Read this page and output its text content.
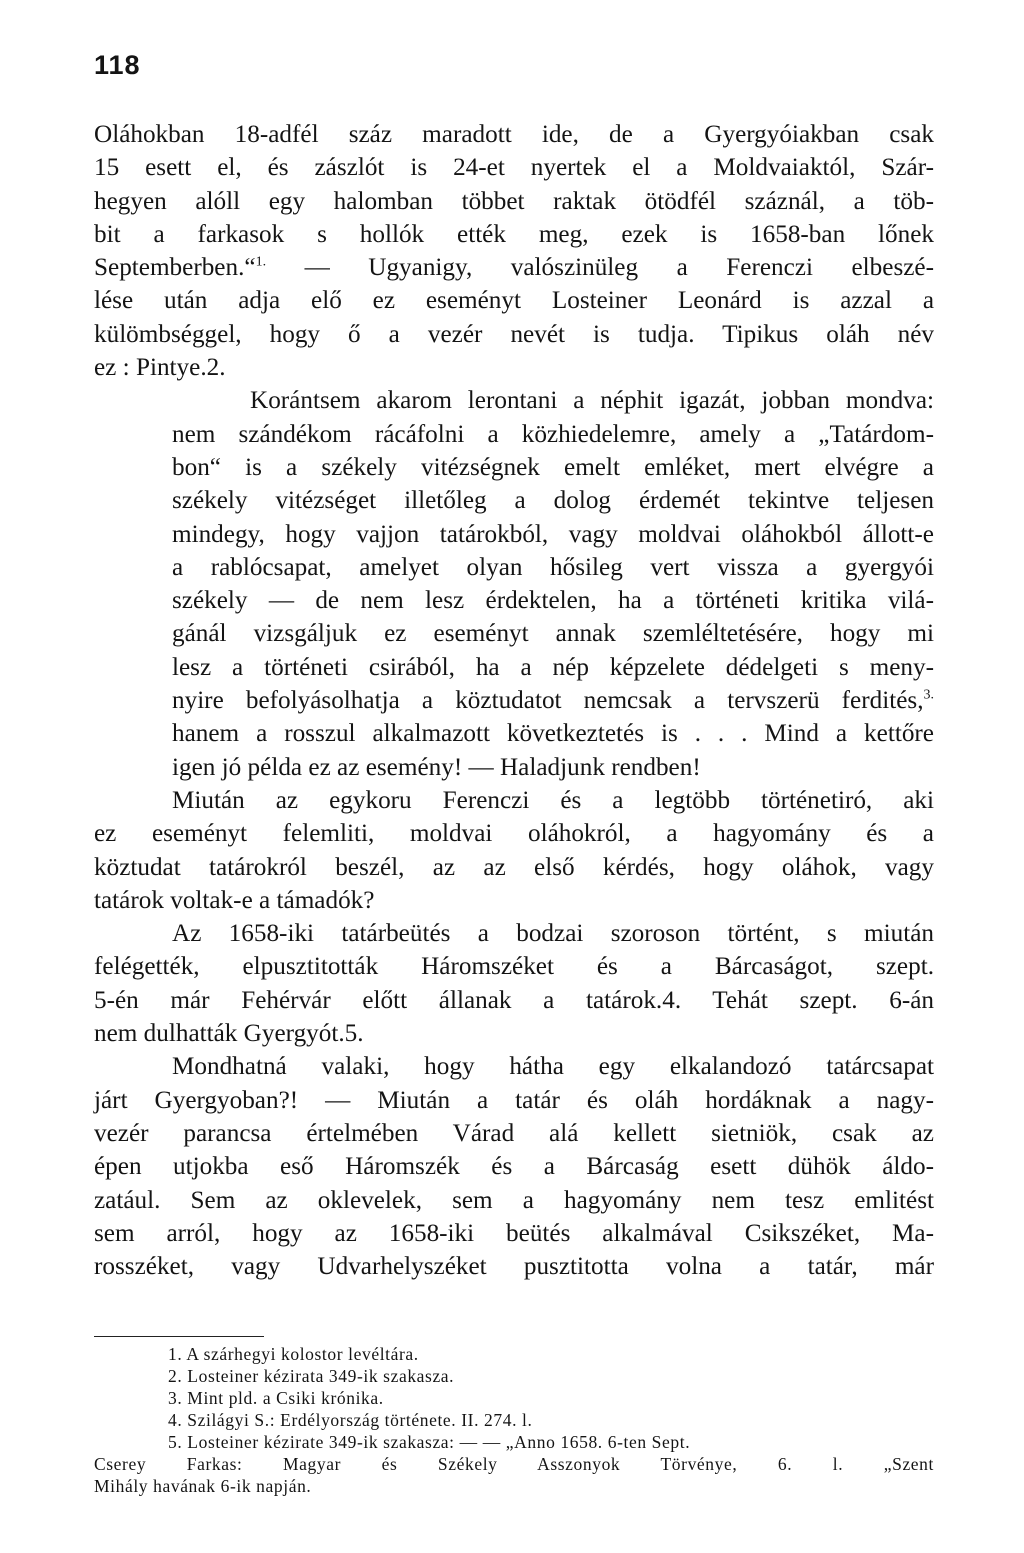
118

Oláhokban 18-adfél száz maradott ide, de a Gyergyóiakban csak
15 esett el, és zászlót is 24-et nyertek el a Moldvaiaktól, Szár-
hegyen alóll egy halomban többet raktak ötödfél száznál, a töb-
bit a farkasok s hollók ették meg, ezek is 1658-ban lőnek
Septemberben.“$^{1.}$ — Ugyanigy, valószinüleg a Ferenczi elbeszé-
lése után adja elő ez eseményt Losteiner Leonárd is azzal a
külömbséggel, hogy ő a vezér nevét is tudja. Tipikus oláh név
ez : Pintye.2.

Korántsem akarom lerontani a néphit igazát, jobban mondva:
nem szándékom rácáfolni a közhiedelemre, amely a „Tatárdom-
bon“ is a székely vitézségnek emelt emléket, mert elvégre a
székely vitézséget illetőleg a dolog érdemét tekintve teljesen
mindegy, hogy vajjon tatárokból, vagy moldvai oláhokból állott-e
a rablócsapat, amelyet olyan hősileg vert vissza a gyergyói
székely — de nem lesz érdektelen, ha a történeti kritika vilá-
gánál vizsgáljuk ez eseményt annak szemléltetésére, hogy mi
lesz a történeti csirából, ha a nép képzelete dédelgeti s meny-
nyire befolyásolhatja a köztudatot nemcsak a tervszerü ferdités,$^{3.}$
hanem a rosszul alkalmazott következtetés is . . . Mind a kettőre
igen jó példa ez az esemény! — Haladjunk rendben!

Miután az egykoru Ferenczi és a legtöbb történetiró, aki
ez eseményt felemliti, moldvai oláhokról, a hagyomány és a
köztudat tatárokról beszél, az az első kérdés, hogy oláhok, vagy
tatárok voltak-e a támadók?

Az 1658-iki tatárbeütés a bodzai szoroson történt, s miután
felégették, elpusztitották Háromszéket és a Bárcaságot, szept.
5-én már Fehérvár előtt állanak a tatárok.4. Tehát szept. 6-án
nem dulhatták Gyergyót.5.

Mondhatná valaki, hogy hátha egy elkalandozó tatárcsapat
járt Gyergyoban?! — Miután a tatár és oláh hordáknak a nagy-
vezér parancsa értelmében Várad alá kellett sietniök, csak az
épen utjokba eső Háromszék és a Bárcaság esett dühök áldo-
zatául. Sem az oklevelek, sem a hagyomány nem tesz emlitést
sem arról, hogy az 1658-iki beütés alkalmával Csikszéket, Ma-
rosszéket, vagy Udvarhelyszéket pusztitotta volna a tatár, már

1. A szárhegyi kolostor levéltára.
2. Losteiner kézirata 349-ik szakasza.
3. Mint pld. a Csiki krónika.
4. Szilágyi S.: Erdélyország története. II. 274. l.
5. Losteiner kézirate 349-ik szakasza: — — „Anno 1658. 6-ten Sept.
Cserey Farkas: Magyar és Székely Asszonyok Törvénye, 6. l. „Szent
Mihály havának 6-ik napján.
